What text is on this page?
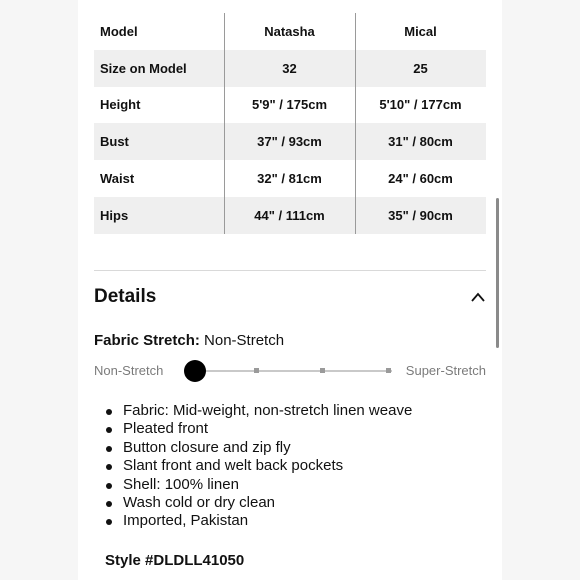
Model	Natasha	Mical
Size on Model	32	25
Height	5'9" / 175cm	5'10" / 177cm
Bust	37" / 93cm	31" / 80cm
Waist	32" / 81cm	24" / 60cm
Hips	44" / 111cm	35" / 90cm
Details
Fabric Stretch: Non-Stretch
Non-Stretch	Super-Stretch
Fabric: Mid-weight, non-stretch linen weave
Pleated front
Button closure and zip fly
Slant front and welt back pockets
Shell: 100% linen
Wash cold or dry clean
Imported, Pakistan
Style #DLDLL41050
